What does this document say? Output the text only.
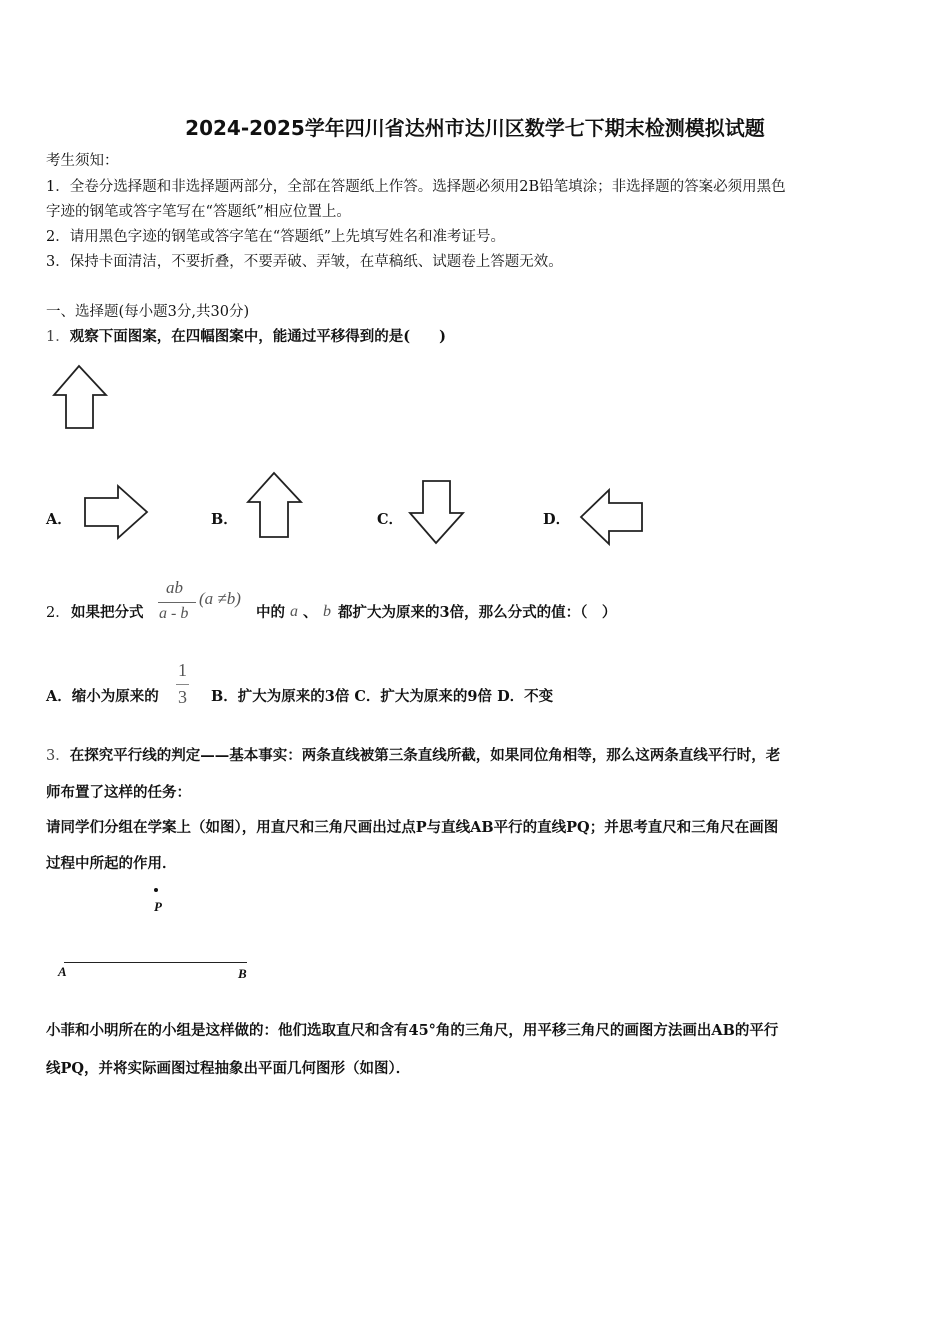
2024-2025学年四川省达州市达川区数学七下期末检测模拟试题
考生须知：
1．全卷分选择题和非选择题两部分，全部在答题纸上作答。选择题必须用2B铅笔填涂；非选择题的答案必须用黑色
字迹的钢笔或答字笔写在“答题纸”相应位置上。
2．请用黑色字迹的钢笔或答字笔在“答题纸”上先填写姓名和准考证号。
3．保持卡面清洁，不要折叠，不要弄破、弄皱，在草稿纸、试题卷上答题无效。
一、选择题(每小题3分,共30分)
1．观察下面图案，在四幅图案中，能通过平移得到的是(　　)
A．	B．	C．	D．
2． 如果把分式
ab
a - b
(a ≠b)
中的 a 、 b 都扩大为原来的3倍，那么分式的值：（　）
A．缩小为原来的
1
3 B．扩大为原来的3倍 C．扩大为原来的9倍 D．不变
3．在探究平行线的判定——基本事实：两条直线被第三条直线所截，如果同位角相等，那么这两条直线平行时，老
师布置了这样的任务：
请同学们分组在学案上（如图），用直尺和三角尺画出过点P与直线AB平行的直线PQ；并思考直尺和三角尺在画图
过程中所起的作用．
P
A	B
小菲和小明所在的小组是这样做的：他们选取直尺和含有45°角的三角尺，用平移三角尺的画图方法画出AB的平行
线PQ，并将实际画图过程抽象出平面几何图形（如图）．
